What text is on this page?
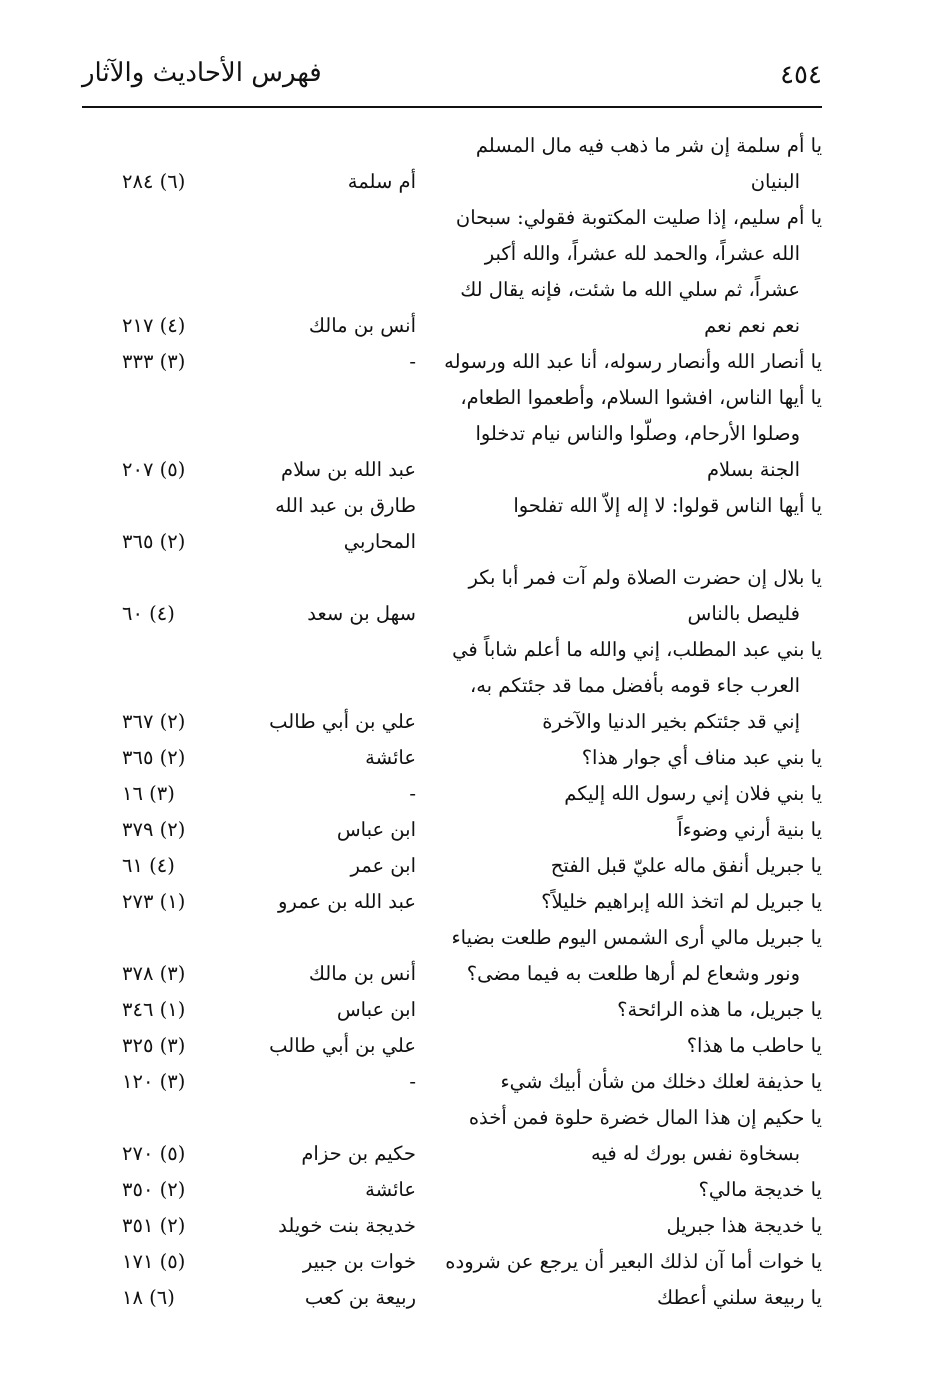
٤٥٤
فهرس الأحاديث والآثار
يا أم سلمة إن شر ما ذهب فيه مال المسلم
البنيان
أم سلمة
(٦) ٢٨٤
يا أم سليم، إذا صليت المكتوبة فقولي: سبحان
الله عشراً، والحمد لله عشراً، والله أكبر
عشراً، ثم سلي الله ما شئت، فإنه يقال لك
نعم نعم نعم
أنس بن مالك
(٤) ٢١٧
يا أنصار الله وأنصار رسوله، أنا عبد الله ورسوله
-
(٣) ٣٣٣
يا أيها الناس، افشوا السلام، وأطعموا الطعام،
وصلوا الأرحام، وصلّوا والناس نيام تدخلوا
الجنة بسلام
عبد الله بن سلام
(٥) ٢٠٧
يا أيها الناس قولوا: لا إله إلاّ الله تفلحوا
طارق بن عبد الله
المحاربي
(٢) ٣٦٥
يا بلال إن حضرت الصلاة ولم آت فمر أبا بكر
فليصل بالناس
سهل بن سعد
(٤) ٦٠
يا بني عبد المطلب، إني والله ما أعلم شاباً في
العرب جاء قومه بأفضل مما قد جئتكم به،
إني قد جئتكم بخير الدنيا والآخرة
علي بن أبي طالب
(٢) ٣٦٧
يا بني عبد مناف أي جوار هذا؟
عائشة
(٢) ٣٦٥
يا بني فلان إني رسول الله إليكم
-
(٣) ١٦
يا بنية أرني وضوءاً
ابن عباس
(٢) ٣٧٩
يا جبريل أنفق ماله عليّ قبل الفتح
ابن عمر
(٤) ٦١
يا جبريل لم اتخذ الله إبراهيم خليلاً؟
عبد الله بن عمرو
(١) ٢٧٣
يا جبريل مالي أرى الشمس اليوم طلعت بضياء
ونور وشعاع لم أرها طلعت به فيما مضى؟
أنس بن مالك
(٣) ٣٧٨
يا جبريل، ما هذه الرائحة؟
ابن عباس
(١) ٣٤٦
يا حاطب ما هذا؟
علي بن أبي طالب
(٣) ٣٢٥
يا حذيفة لعلك دخلك من شأن أبيك شيء
-
(٣) ١٢٠
يا حكيم إن هذا المال خضرة حلوة فمن أخذه
بسخاوة نفس بورك له فيه
حكيم بن حزام
(٥) ٢٧٠
يا خديجة مالي؟
عائشة
(٢) ٣٥٠
يا خديجة هذا جبريل
خديجة بنت خويلد
(٢) ٣٥١
يا خوات أما آن لذلك البعير أن يرجع عن شروده
خوات بن جبير
(٥) ١٧١
يا ربيعة سلني أعطك
ربيعة بن كعب
(٦) ١٨
